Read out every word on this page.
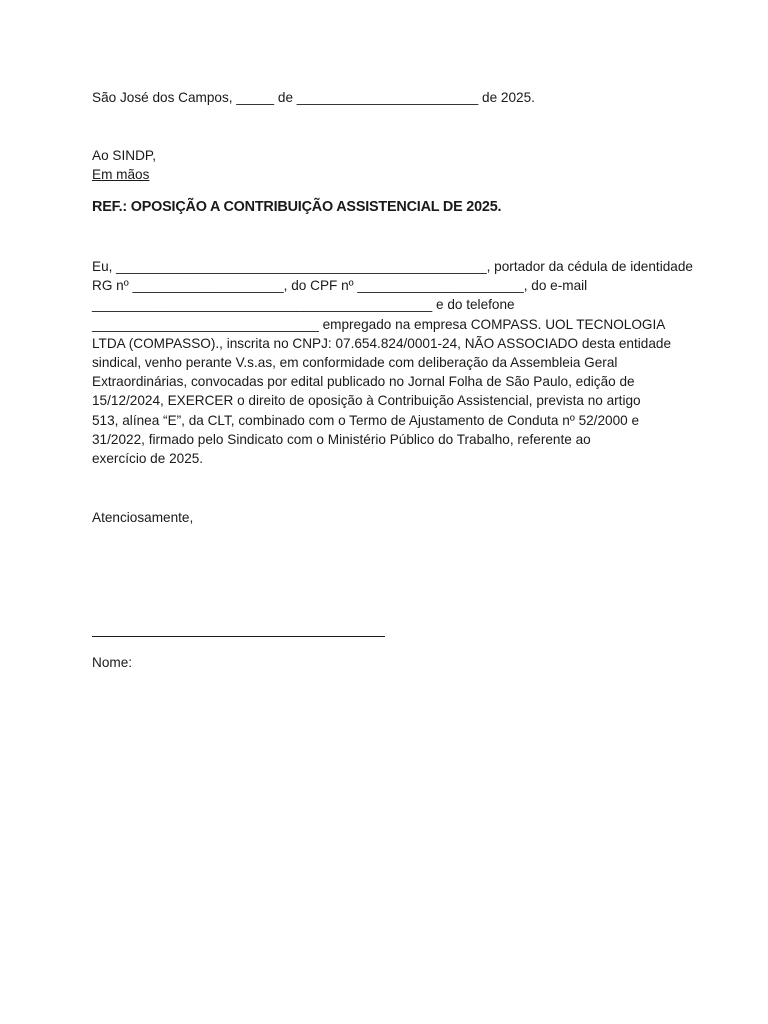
São José dos Campos, _____ de ________________________ de 2025.
Ao SINDP,
Em mãos
REF.: OPOSIÇÃO A CONTRIBUIÇÃO ASSISTENCIAL DE 2025.
Eu, _________________________________________________, portador da cédula de identidade
RG nº ____________________, do CPF nº ______________________, do e-mail
_____________________________________________ e do telefone
______________________________ empregado na empresa COMPASS. UOL TECNOLOGIA
LTDA (COMPASSO)., inscrita no CNPJ: 07.654.824/0001-24, NÃO ASSOCIADO desta entidade
sindical, venho perante V.s.as, em conformidade com deliberação da Assembleia Geral
Extraordinárias, convocadas por edital publicado no Jornal Folha de São Paulo, edição de
15/12/2024, EXERCER o direito de oposição à Contribuição Assistencial, prevista no artigo
513, alínea “E”, da CLT, combinado com o Termo de Ajustamento de Conduta nº 52/2000 e
31/2022, firmado pelo Sindicato com o Ministério Público do Trabalho, referente ao
exercício de 2025.
Atenciosamente,
Nome:
